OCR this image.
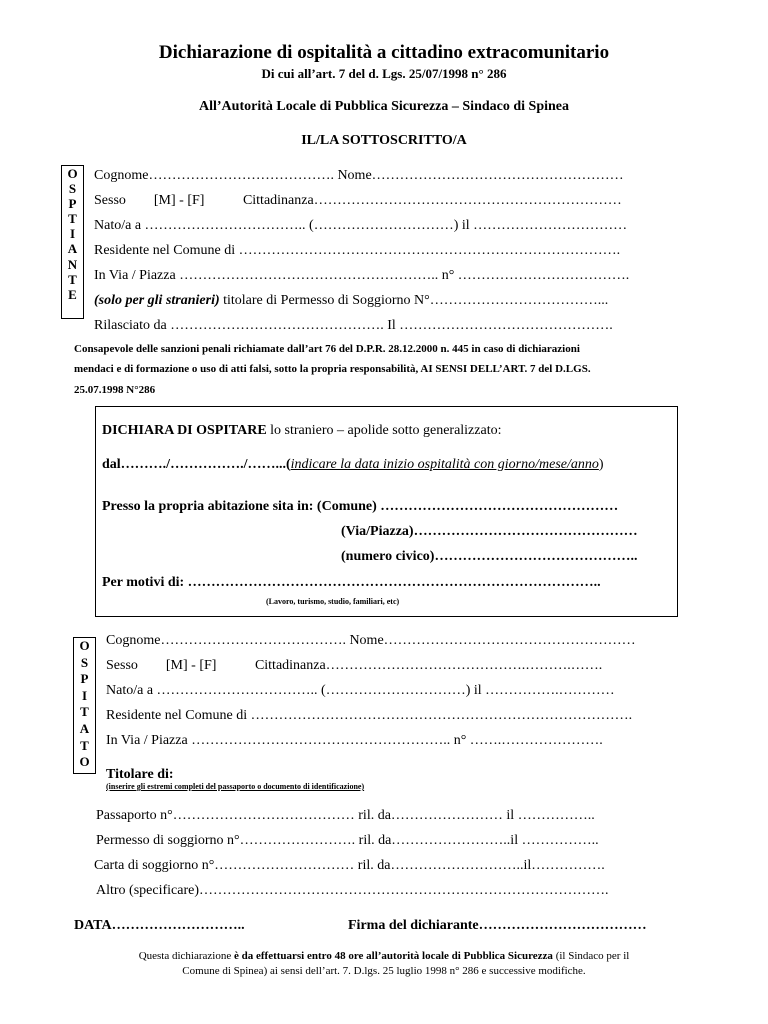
Dichiarazione di ospitalità a cittadino extracomunitario
Di cui all’art. 7 del d. Lgs. 25/07/1998 n° 286
All’Autorità Locale di Pubblica Sicurezza – Sindaco di Spinea
IL/LA SOTTOSCRITTO/A
O
S
P
T
I
A
N
T
E
Cognome…………………………………. Nome………………………………………………
Sesso        [M] - [F]           Cittadinanza…………………………………………………………
Nato/a a …………………………….. (…………………………) il ……………………………
Residente nel Comune di ……………………………………………………………………….
In Via / Piazza ……………………………………………….. n° ……………………………….
(solo per gli stranieri) titolare di Permesso di Soggiorno N°………………………………...
Rilasciato da ………………………………………. Il ……………………………………….
Consapevole delle sanzioni penali richiamate dall’art 76 del D.P.R. 28.12.2000 n. 445 in caso di dichiarazioni
mendaci e di formazione o uso di atti falsi, sotto la propria responsabilità, AI SENSI DELL’ART. 7 del D.LGS.
25.07.1998 N°286
DICHIARA DI OSPITARE lo straniero – apolide sotto generalizzato:
dal………./……………./……...(indicare la data inizio ospitalità con giorno/mese/anno)
Presso la propria abitazione sita in: (Comune) ……………………………………………
(Via/Piazza)…………………………………………
(numero civico)……………………………………..
Per motivi di: ……………………………………………………………………………..
(Lavoro, turismo, studio, familiari, etc)
O
S
P
I
T
A
T
O
Cognome…………………………………. Nome………………………………………………
Sesso        [M] - [F]           Cittadinanza…………………………………….……….…….
Nato/a a …………………………….. (…………………………) il …………….…………
Residente nel Comune di ……………………………………………………………………….
In Via / Piazza ……………………………………………….. n° …….………………….
Titolare di:
(inserire gli estremi completi del passaporto o documento di identificazione)
Passaporto n°………………………………… ril. da…………………… il ……………..
Permesso di soggiorno n°……………………. ril. da……………………..il ……………..
Carta di soggiorno n°………………………… ril. da………………………..il…………….
Altro (specificare)…………………………………………………………………………….
DATA………………………..	Firma del dichiarante………………………………
Questa dichiarazione è da effettuarsi entro 48 ore all’autorità locale di Pubblica Sicurezza (il Sindaco per il
Comune di Spinea) ai sensi dell’art. 7. D.lgs. 25 luglio 1998 n° 286 e successive modifiche.
